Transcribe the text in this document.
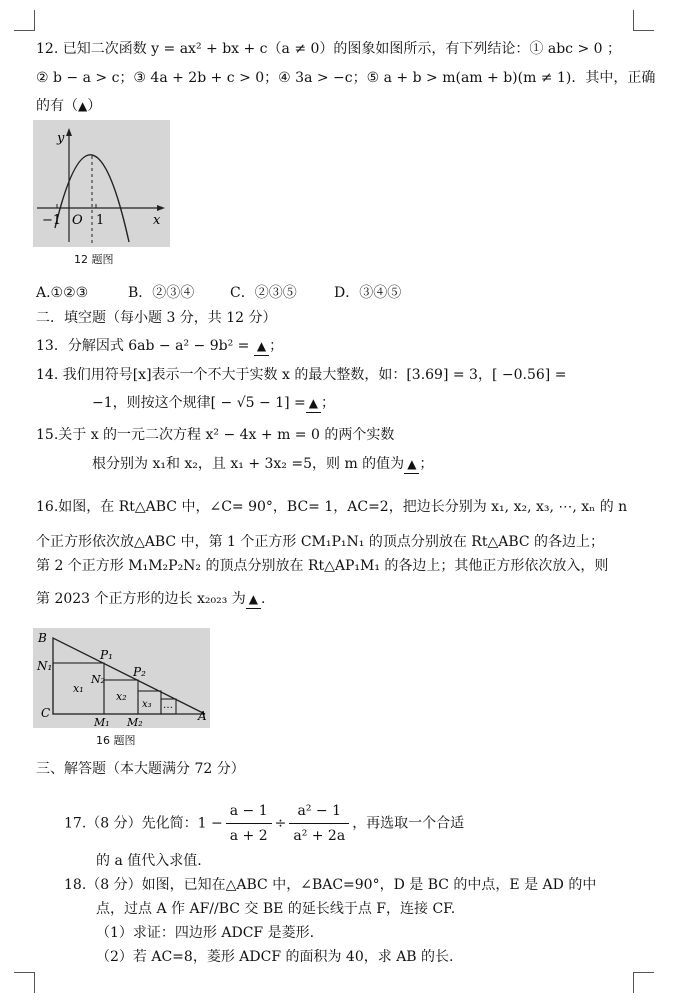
12. 已知二次函数 y = ax² + bx + c（a ≠ 0）的图象如图所示，有下列结论：① abc > 0 ；
② b − a > c；③ 4a + 2b + c > 0；④ 3a > −c；⑤ a + b > m(am + b)(m ≠ 1)．其中，正确
的有（▲）
y
x
−1 O 1
12 题图
A.①②③	B．②③④	C．②③⑤	D．③④⑤
二．填空题（每小题 3 分，共 12 分）
13．分解因式 6ab − a² − 9b² = ▲ ；
14. 我们用符号[x]表示一个不大于实数 x 的最大整数，如：[3.69] = 3，[ −0.56] =
−1，则按这个规律[ − √5 − 1] = ▲ ；
15.关于 x 的一元二次方程 x² − 4x + m = 0 的两个实数
根分别为 x₁和 x₂，且 x₁ + 3x₂ =5，则 m 的值为 ▲ ；
16.如图，在 Rt△ABC 中，∠C= 90°，BC= 1，AC=2，把边长分别为 x₁, x₂, x₃, ⋯, xₙ 的 n
个正方形依次放△ABC 中，第 1 个正方形 CM₁P₁N₁ 的顶点分别放在 Rt△ABC 的各边上；
第 2 个正方形 M₁M₂P₂N₂ 的顶点分别放在 Rt△AP₁M₁ 的各边上；其他正方形依次放入，则
第 2023 个正方形的边长 x₂₀₂₃ 为 ▲ .
B
N₁
P₁
N₂
P₂
x₁
x₂
x₃ …
C
M₁ M₂	A
16 题图
三、解答题（本大题满分 72 分）
17.（8 分）先化简：$1 - \frac{a - 1}{a + 2} \div \frac{\text{a² − 1}}{\text{a² + 2a}}$ ，再选取一个合适
的 a 值代入求值.
18.（8 分）如图，已知在△ABC 中，∠BAC=90°，D 是 BC 的中点，E 是 AD 的中
点，过点 A 作 AF//BC 交 BE 的延长线于点 F，连接 CF.
（1）求证：四边形 ADCF 是菱形.
（2）若 AC=8，菱形 ADCF 的面积为 40，求 AB 的长.
